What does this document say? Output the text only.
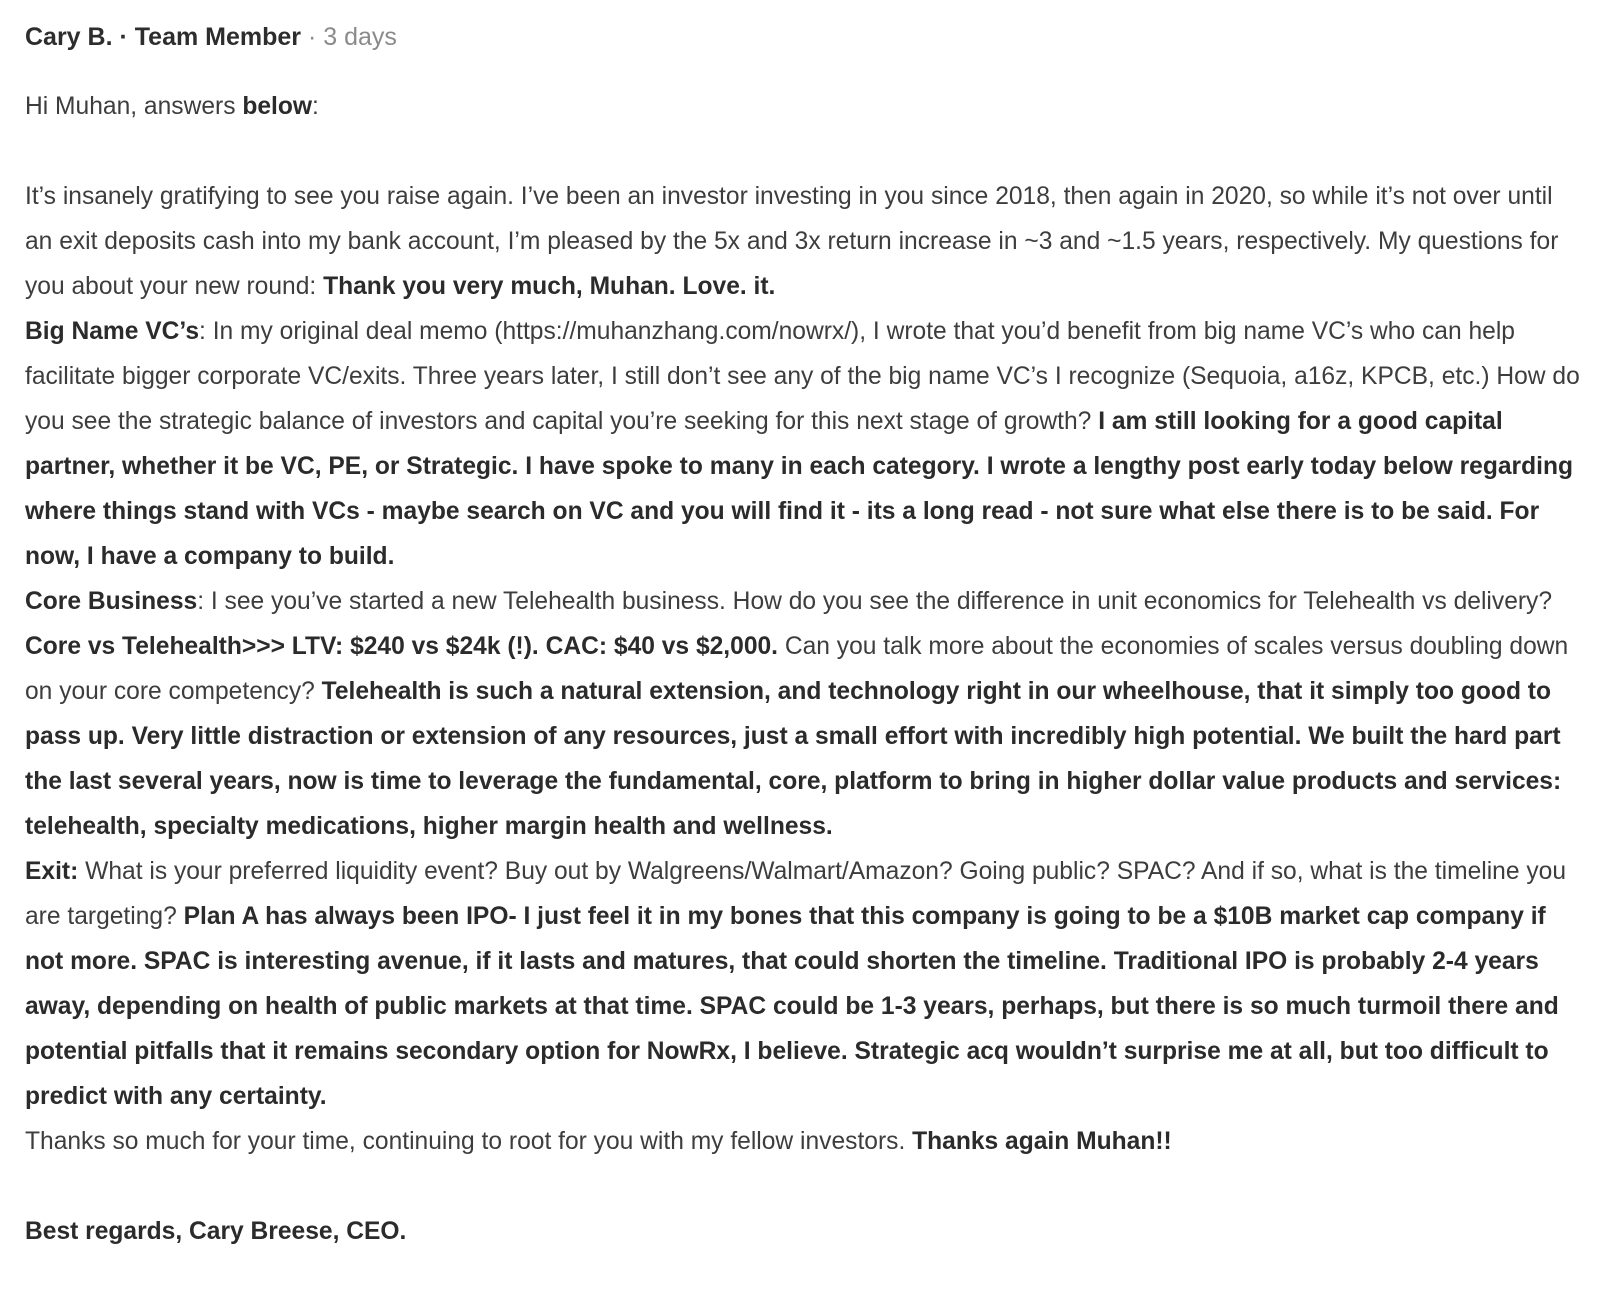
Cary B. · Team Member · 3 days

Hi Muhan, answers below:

It’s insanely gratifying to see you raise again. I’ve been an investor investing in you since 2018, then again in 2020, so while it’s not over until an exit deposits cash into my bank account, I’m pleased by the 5x and 3x return increase in ~3 and ~1.5 years, respectively. My questions for you about your new round: Thank you very much, Muhan. Love. it.

Big Name VC’s: In my original deal memo (https://muhanzhang.com/nowrx/), I wrote that you’d benefit from big name VC’s who can help facilitate bigger corporate VC/exits. Three years later, I still don’t see any of the big name VC’s I recognize (Sequoia, a16z, KPCB, etc.) How do you see the strategic balance of investors and capital you’re seeking for this next stage of growth? I am still looking for a good capital partner, whether it be VC, PE, or Strategic. I have spoke to many in each category. I wrote a lengthy post early today below regarding where things stand with VCs - maybe search on VC and you will find it - its a long read - not sure what else there is to be said. For now, I have a company to build.

Core Business: I see you’ve started a new Telehealth business. How do you see the difference in unit economics for Telehealth vs delivery? Core vs Telehealth>>> LTV: $240 vs $24k (!). CAC: $40 vs $2,000. Can you talk more about the economies of scales versus doubling down on your core competency? Telehealth is such a natural extension, and technology right in our wheelhouse, that it simply too good to pass up. Very little distraction or extension of any resources, just a small effort with incredibly high potential. We built the hard part the last several years, now is time to leverage the fundamental, core, platform to bring in higher dollar value products and services: telehealth, specialty medications, higher margin health and wellness.

Exit: What is your preferred liquidity event? Buy out by Walgreens/Walmart/Amazon? Going public? SPAC? And if so, what is the timeline you are targeting? Plan A has always been IPO- I just feel it in my bones that this company is going to be a $10B market cap company if not more. SPAC is interesting avenue, if it lasts and matures, that could shorten the timeline. Traditional IPO is probably 2-4 years away, depending on health of public markets at that time. SPAC could be 1-3 years, perhaps, but there is so much turmoil there and potential pitfalls that it remains secondary option for NowRx, I believe. Strategic acq wouldn’t surprise me at all, but too difficult to predict with any certainty.

Thanks so much for your time, continuing to root for you with my fellow investors. Thanks again Muhan!!

Best regards, Cary Breese, CEO.
